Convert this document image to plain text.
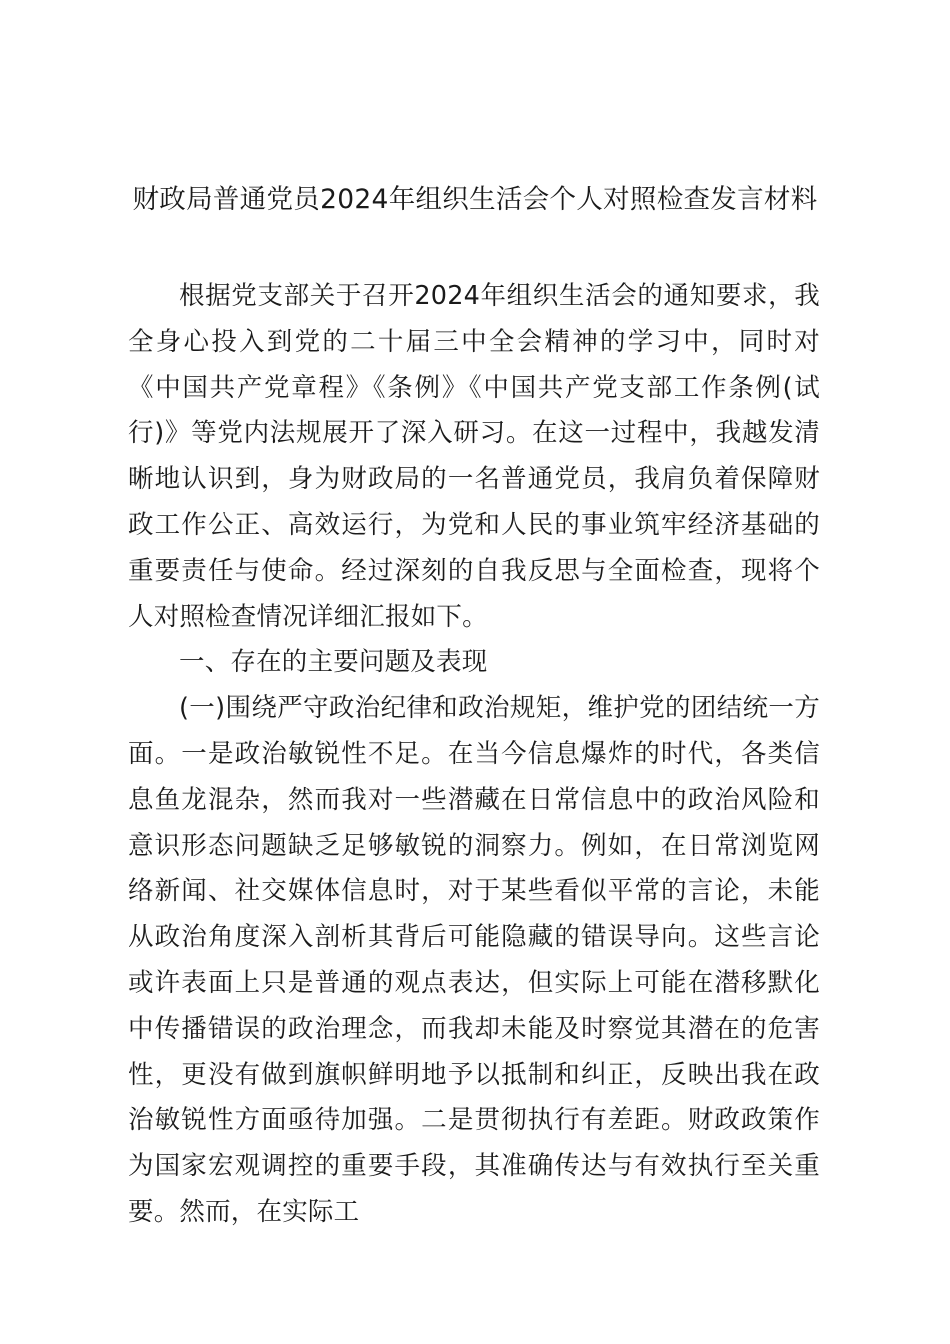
财政局普通党员2024年组织生活会个人对照检查发言材料

根据党支部关于召开2024年组织生活会的通知要求，我全身心投入到党的二十届三中全会精神的学习中，同时对《中国共产党章程》《条例》《中国共产党支部工作条例(试行)》等党内法规展开了深入研习。在这一过程中，我越发清晰地认识到，身为财政局的一名普通党员，我肩负着保障财政工作公正、高效运行，为党和人民的事业筑牢经济基础的重要责任与使命。经过深刻的自我反思与全面检查，现将个人对照检查情况详细汇报如下。

一、存在的主要问题及表现

(一)围绕严守政治纪律和政治规矩，维护党的团结统一方面。一是政治敏锐性不足。在当今信息爆炸的时代，各类信息鱼龙混杂，然而我对一些潜藏在日常信息中的政治风险和意识形态问题缺乏足够敏锐的洞察力。例如，在日常浏览网络新闻、社交媒体信息时，对于某些看似平常的言论，未能从政治角度深入剖析其背后可能隐藏的错误导向。这些言论或许表面上只是普通的观点表达，但实际上可能在潜移默化中传播错误的政治理念，而我却未能及时察觉其潜在的危害性，更没有做到旗帜鲜明地予以抵制和纠正，反映出我在政治敏锐性方面亟待加强。二是贯彻执行有差距。财政政策作为国家宏观调控的重要手段，其准确传达与有效执行至关重要。然而，在实际工
